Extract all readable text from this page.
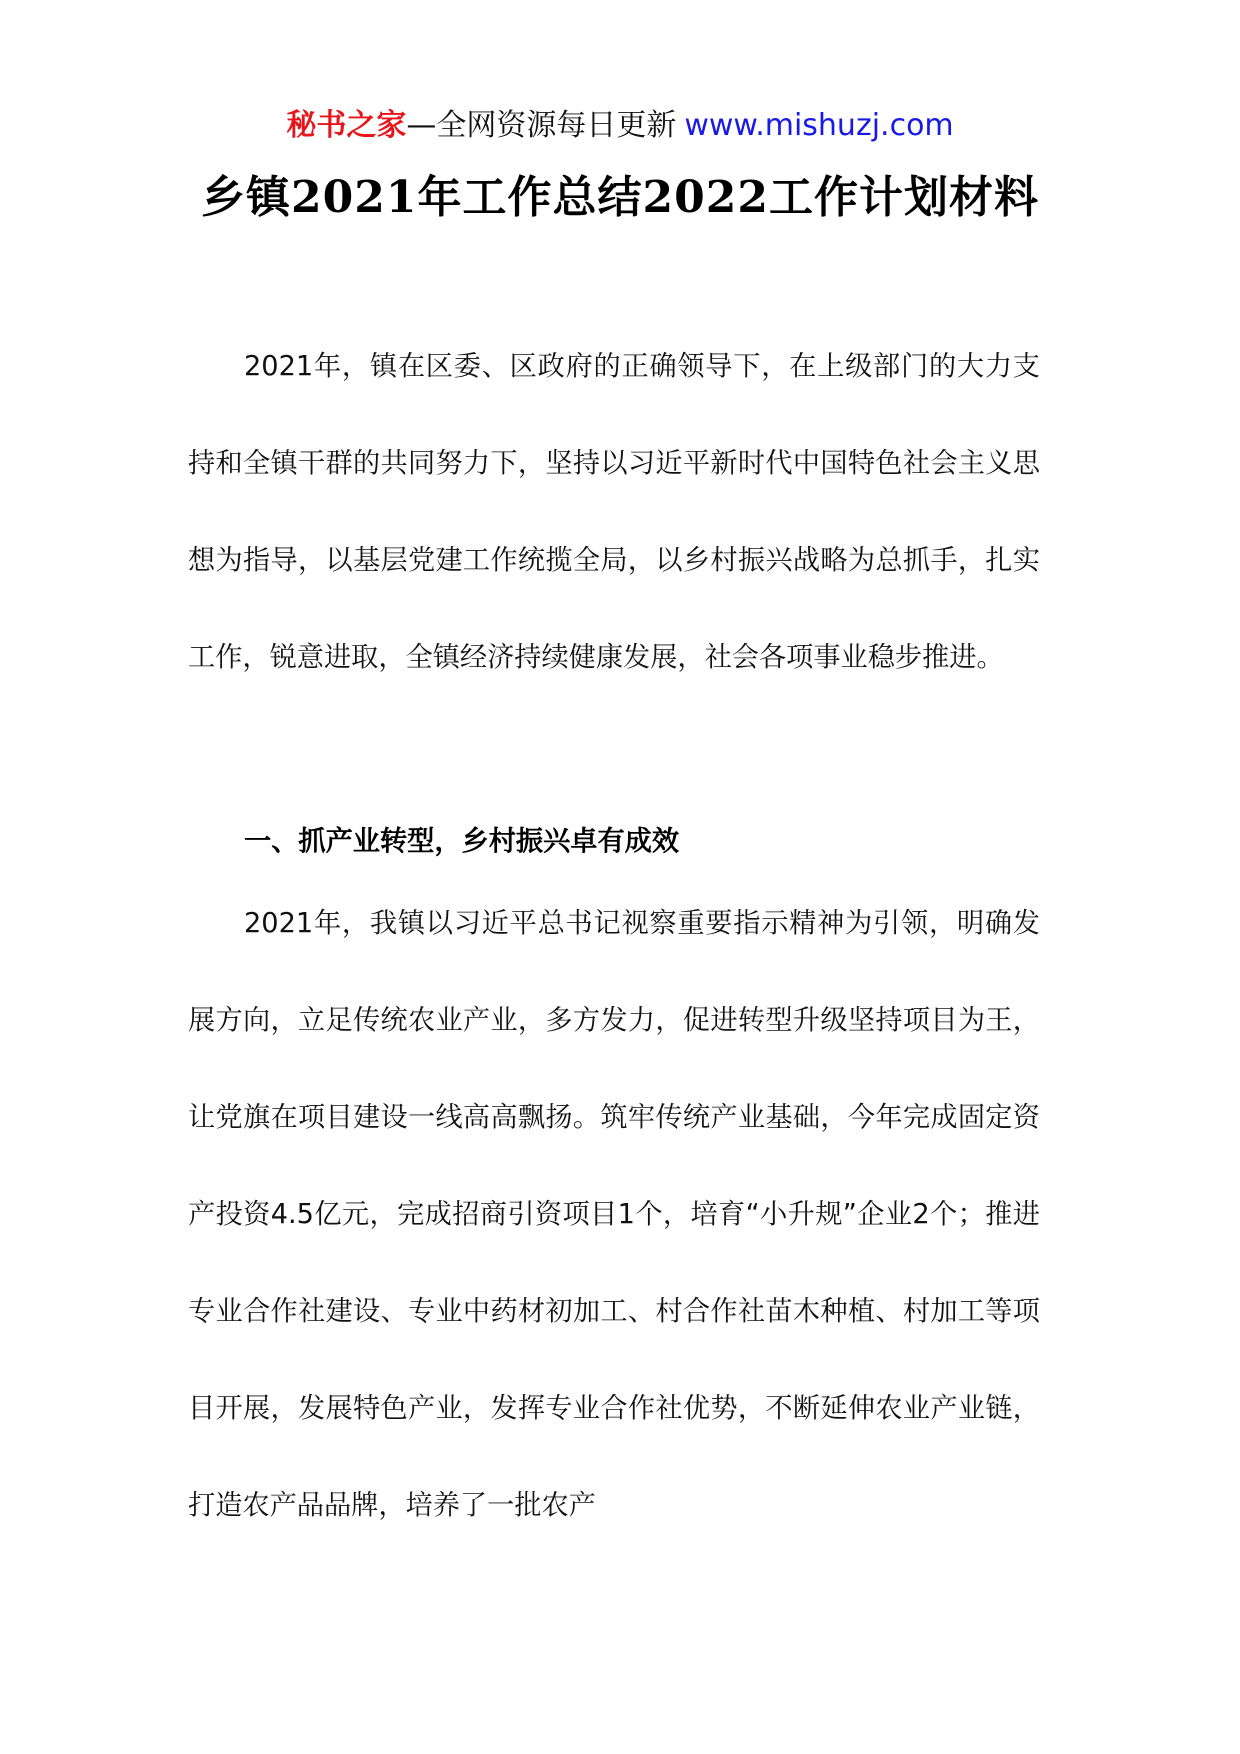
秘书之家—全网资源每日更新 www.mishuzj.com
乡镇2021年工作总结2022工作计划材料

2021年，镇在区委、区政府的正确领导下，在上级部门的大力支持和全镇干群的共同努力下，坚持以习近平新时代中国特色社会主义思想为指导，以基层党建工作统揽全局，以乡村振兴战略为总抓手，扎实工作，锐意进取，全镇经济持续健康发展，社会各项事业稳步推进。

一、抓产业转型，乡村振兴卓有成效

2021年，我镇以习近平总书记视察重要指示精神为引领，明确发展方向，立足传统农业产业，多方发力，促进转型升级坚持项目为王，让党旗在项目建设一线高高飘扬。筑牢传统产业基础，今年完成固定资产投资4.5亿元，完成招商引资项目1个，培育“小升规”企业2个；推进专业合作社建设、专业中药材初加工、村合作社苗木种植、村加工等项目开展，发展特色产业，发挥专业合作社优势，不断延伸农业产业链，打造农产品品牌，培养了一批农产
